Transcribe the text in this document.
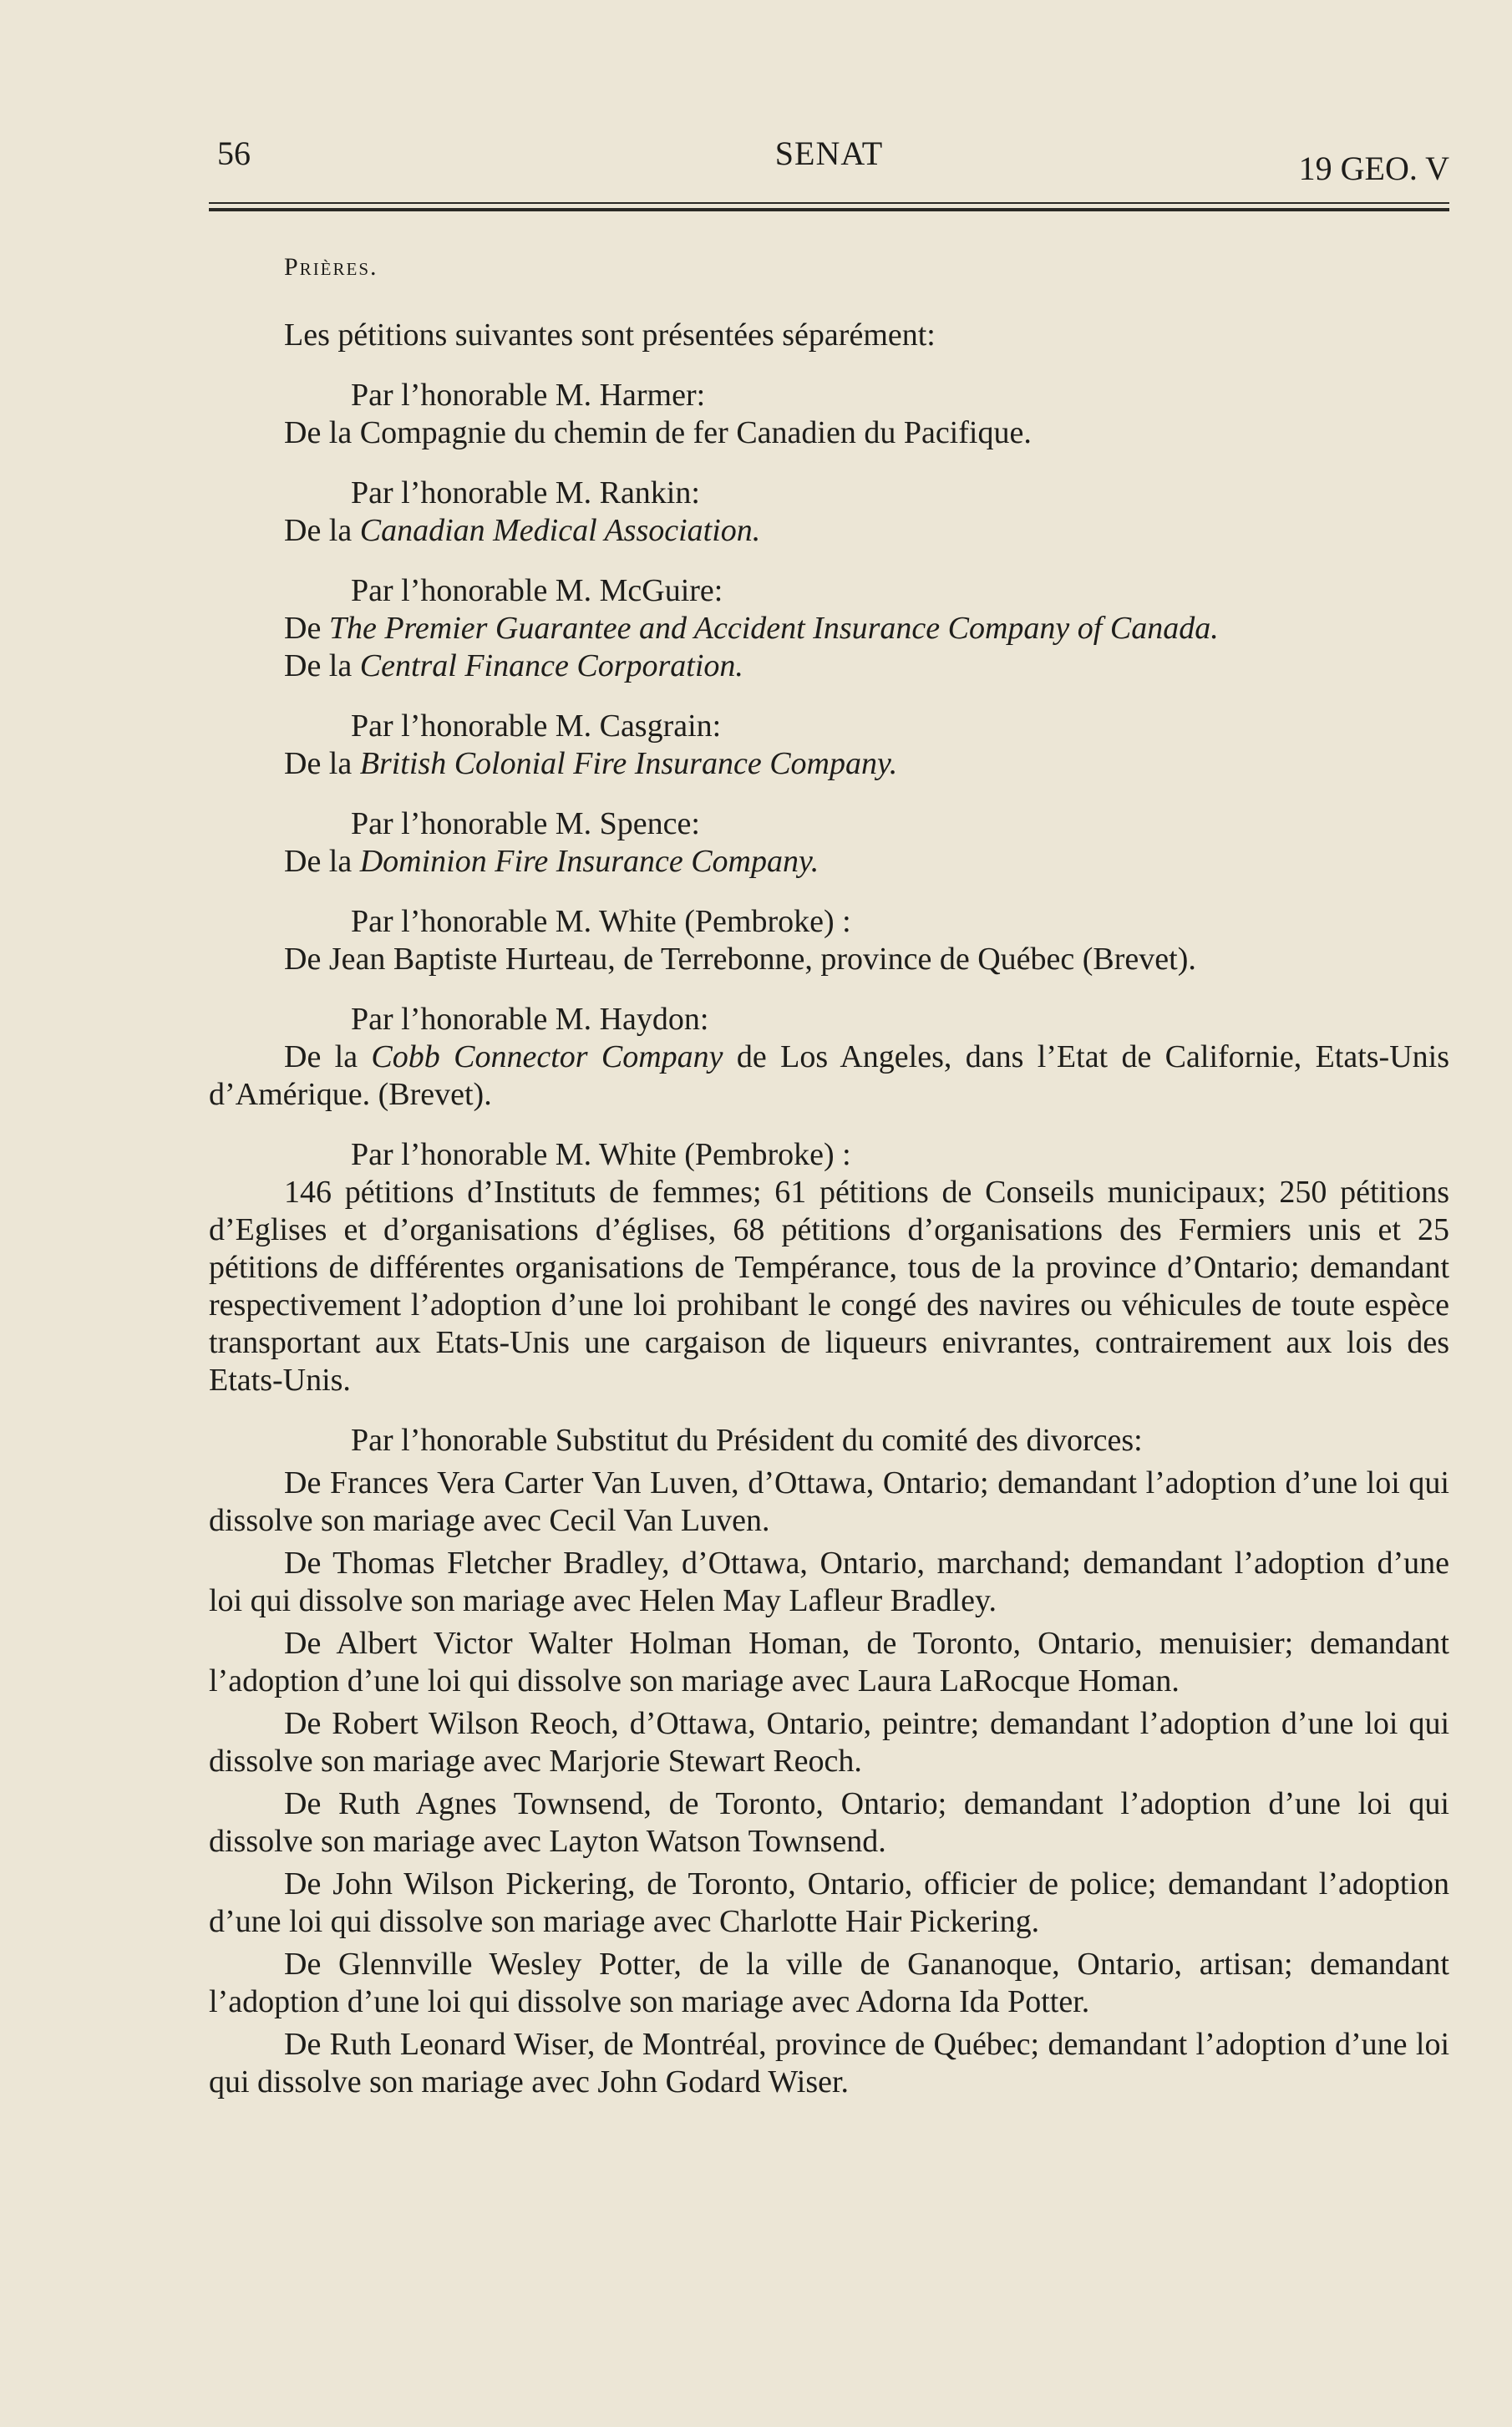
56	SENAT	19 GEO. V
Prières.

Les pétitions suivantes sont présentées séparément:

Par l’honorable M. Harmer:

De la Compagnie du chemin de fer Canadien du Pacifique.

Par l’honorable M. Rankin:

De la Canadian Medical Association.

Par l’honorable M. McGuire:

De The Premier Guarantee and Accident Insurance Company of Canada.

De la Central Finance Corporation.

Par l’honorable M. Casgrain:

De la British Colonial Fire Insurance Company.

Par l’honorable M. Spence:

De la Dominion Fire Insurance Company.

Par l’honorable M. White (Pembroke) :

De Jean Baptiste Hurteau, de Terrebonne, province de Québec (Brevet).

Par l’honorable M. Haydon:

De la Cobb Connector Company de Los Angeles, dans l’Etat de Californie, Etats-Unis d’Amérique. (Brevet).

Par l’honorable M. White (Pembroke) :

146 pétitions d’Instituts de femmes; 61 pétitions de Conseils municipaux; 250 pétitions d’Eglises et d’organisations d’églises, 68 pétitions d’organisations des Fermiers unis et 25 pétitions de différentes organisations de Tempérance, tous de la province d’Ontario; demandant respectivement l’adoption d’une loi prohibant le congé des navires ou véhicules de toute espèce transportant aux Etats-Unis une cargaison de liqueurs enivrantes, contrairement aux lois des Etats-Unis.

Par l’honorable Substitut du Président du comité des divorces:

De Frances Vera Carter Van Luven, d’Ottawa, Ontario; demandant l’adoption d’une loi qui dissolve son mariage avec Cecil Van Luven.

De Thomas Fletcher Bradley, d’Ottawa, Ontario, marchand; demandant l’adoption d’une loi qui dissolve son mariage avec Helen May Lafleur Bradley.

De Albert Victor Walter Holman Homan, de Toronto, Ontario, menuisier; demandant l’adoption d’une loi qui dissolve son mariage avec Laura LaRocque Homan.

De Robert Wilson Reoch, d’Ottawa, Ontario, peintre; demandant l’adoption d’une loi qui dissolve son mariage avec Marjorie Stewart Reoch.

De Ruth Agnes Townsend, de Toronto, Ontario; demandant l’adoption d’une loi qui dissolve son mariage avec Layton Watson Townsend.

De John Wilson Pickering, de Toronto, Ontario, officier de police; demandant l’adoption d’une loi qui dissolve son mariage avec Charlotte Hair Pickering.

De Glennville Wesley Potter, de la ville de Gananoque, Ontario, artisan; demandant l’adoption d’une loi qui dissolve son mariage avec Adorna Ida Potter.

De Ruth Leonard Wiser, de Montréal, province de Québec; demandant l’adoption d’une loi qui dissolve son mariage avec John Godard Wiser.
